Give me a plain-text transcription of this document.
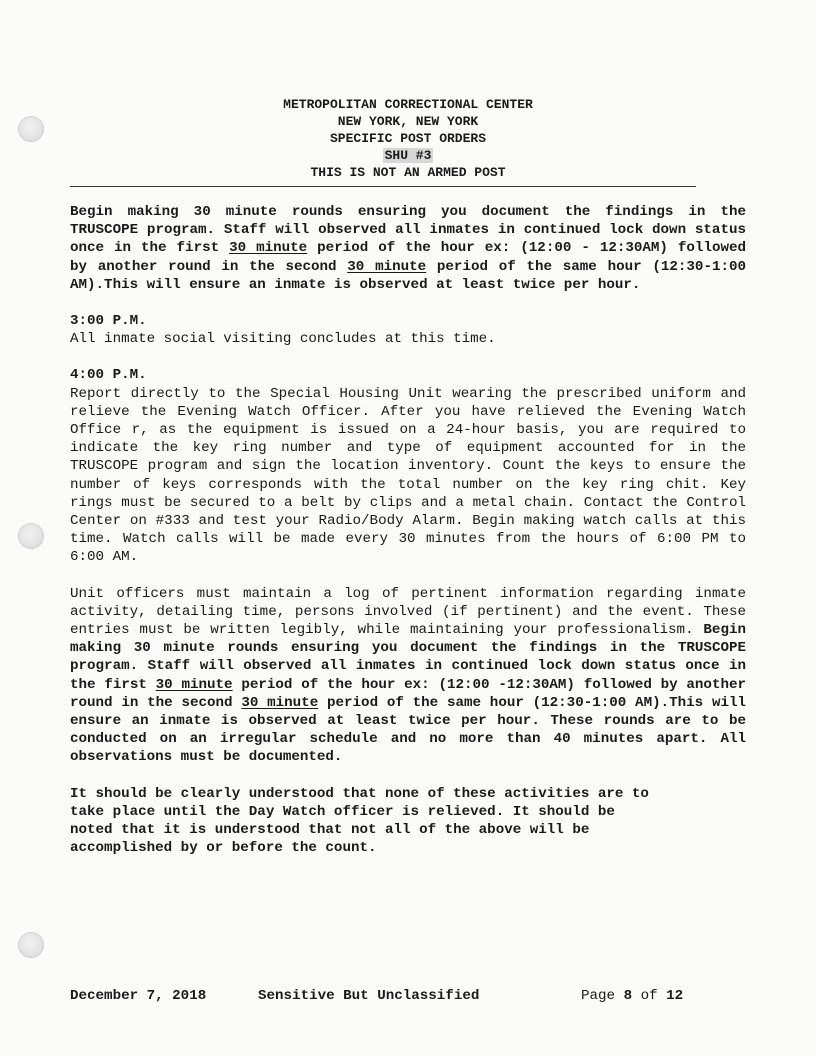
METROPOLITAN CORRECTIONAL CENTER
NEW YORK, NEW YORK
SPECIFIC POST ORDERS
SHU #3
THIS IS NOT AN ARMED POST

Begin making 30 minute rounds ensuring you document the findings in the TRUSCOPE program. Staff will observed all inmates in continued lock down status once in the first 30 minute period of the hour ex: (12:00 - 12:30AM) followed by another round in the second 30 minute period of the same hour (12:30-1:00 AM).This will ensure an inmate is observed at least twice per hour.

3:00 P.M.

All inmate social visiting concludes at this time.

4:00 P.M.

Report directly to the Special Housing Unit wearing the prescribed uniform and relieve the Evening Watch Officer. After you have relieved the Evening Watch Office r, as the equipment is issued on a 24-hour basis, you are required to indicate the key ring number and type of equipment accounted for in the TRUSCOPE program and sign the location inventory. Count the keys to ensure the number of keys corresponds with the total number on the key ring chit. Key rings must be secured to a belt by clips and a metal chain. Contact the Control Center on #333 and test your Radio/Body Alarm. Begin making watch calls at this time. Watch calls will be made every 30 minutes from the hours of 6:00 PM to 6:00 AM.

Unit officers must maintain a log of pertinent information regarding inmate activity, detailing time, persons involved (if pertinent) and the event. These entries must be written legibly, while maintaining your professionalism. Begin making 30 minute rounds ensuring you document the findings in the TRUSCOPE program. Staff will observed all inmates in continued lock down status once in the first 30 minute period of the hour ex: (12:00 -12:30AM) followed by another round in the second 30 minute period of the same hour (12:30-1:00 AM).This will ensure an inmate is observed at least twice per hour. These rounds are to be conducted on an irregular schedule and no more than 40 minutes apart. All observations must be documented.

It should be clearly understood that none of these activities are to
take place until the Day Watch officer is relieved. It should be
noted that it is understood that not all of the above will be
accomplished by or before the count.

December 7, 2018

	Sensitive But Unclassified

	Page 8 of 12
